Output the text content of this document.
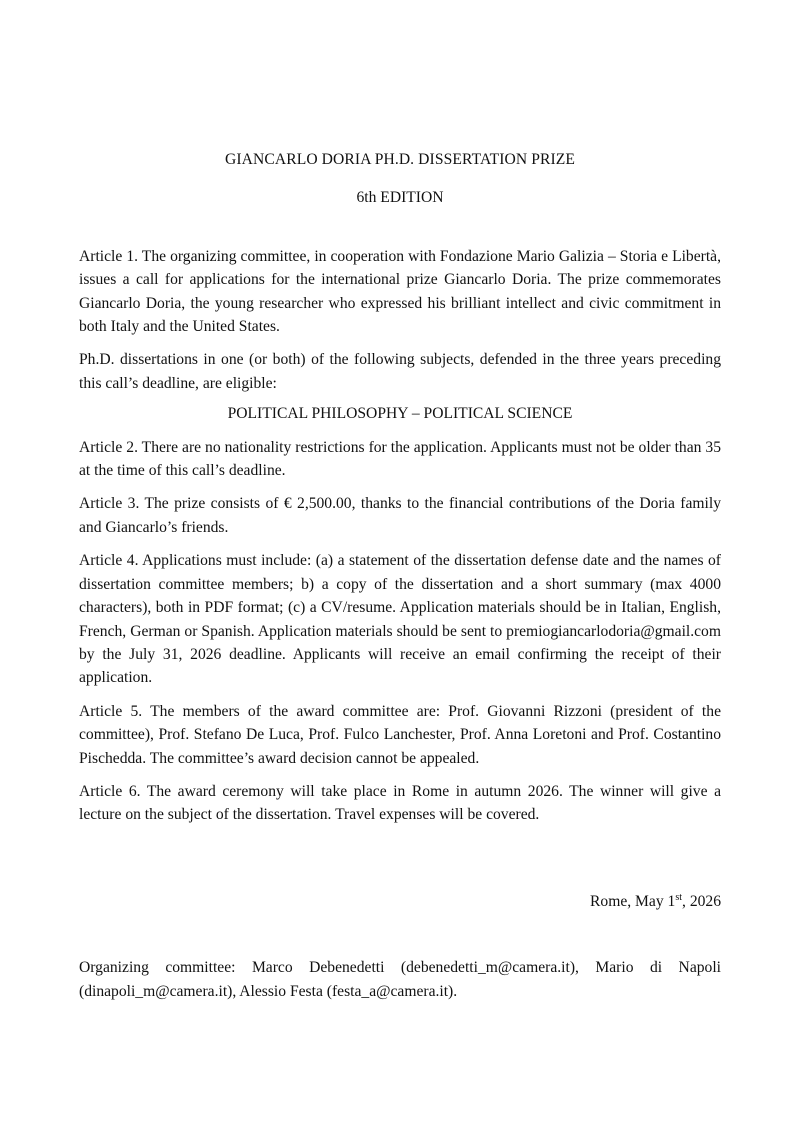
GIANCARLO DORIA PH.D. DISSERTATION PRIZE

6th EDITION

Article 1. The organizing committee, in cooperation with Fondazione Mario Galizia – Storia e Libertà, issues a call for applications for the international prize Giancarlo Doria. The prize commemorates Giancarlo Doria, the young researcher who expressed his brilliant intellect and civic commitment in both Italy and the United States.

Ph.D. dissertations in one (or both) of the following subjects, defended in the three years preceding this call’s deadline, are eligible:

POLITICAL PHILOSOPHY – POLITICAL SCIENCE

Article 2. There are no nationality restrictions for the application. Applicants must not be older than 35 at the time of this call’s deadline.

Article 3. The prize consists of € 2,500.00, thanks to the financial contributions of the Doria family and Giancarlo’s friends.

Article 4. Applications must include: (a) a statement of the dissertation defense date and the names of dissertation committee members; b) a copy of the dissertation and a short summary (max 4000 characters), both in PDF format; (c) a CV/resume. Application materials should be in Italian, English, French, German or Spanish. Application materials should be sent to premiogiancarlodoria@gmail.com by the July 31, 2026 deadline. Applicants will receive an email confirming the receipt of their application.

Article 5. The members of the award committee are: Prof. Giovanni Rizzoni (president of the committee), Prof. Stefano De Luca, Prof. Fulco Lanchester, Prof. Anna Loretoni and Prof. Costantino Pischedda. The committee’s award decision cannot be appealed.

Article 6. The award ceremony will take place in Rome in autumn 2026. The winner will give a lecture on the subject of the dissertation. Travel expenses will be covered.

Rome, May 1st, 2026

Organizing committee: Marco Debenedetti (debenedetti_m@camera.it), Mario di Napoli (dinapoli_m@camera.it), Alessio Festa (festa_a@camera.it).
